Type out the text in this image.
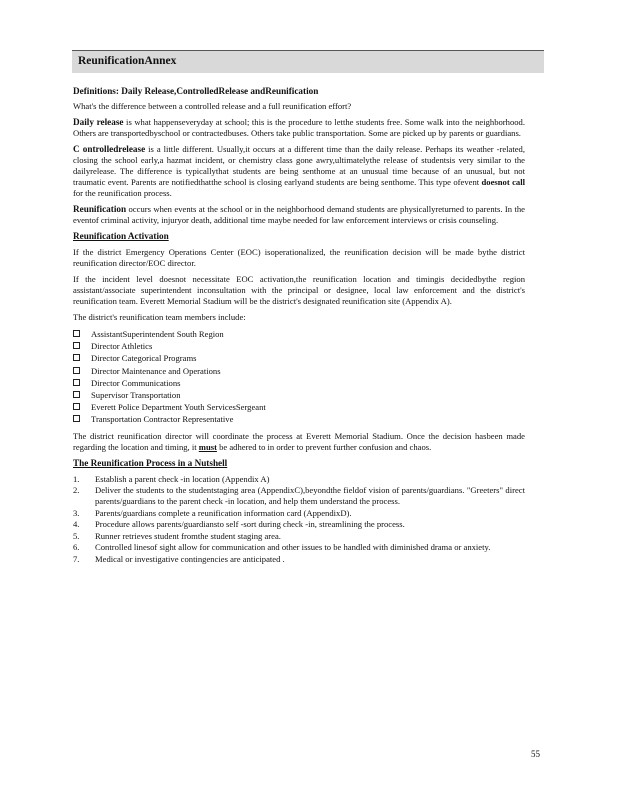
ReunificationAnnex

Definitions: Daily Release,ControlledRelease andReunification

What's the difference between a controlled release and a full reunification effort?

Daily release is what happenseveryday at school; this is the procedure to letthe students free. Some walk into the neighborhood. Others are transportedbyschool or contractedbuses. Others take public transportation. Some are picked up by parents or guardians.

C ontrolledrelease is a little different. Usually,it occurs at a different time than the daily release. Perhaps its weather -related, closing the school early,a hazmat incident, or chemistry class gone awry,ultimatelythe release of studentsis very similar to the dailyrelease. The difference is typicallythat students are being senthome at an unusual time because of an unusual, but not traumatic event. Parents are notifiedthatthe school is closing earlyand students are being senthome. This type ofevent doesnot call for the reunification process.

Reunification occurs when events at the school or in the neighborhood demand students are physicallyreturned to parents. In the eventof criminal activity, injuryor death, additional time maybe needed for law enforcement interviews or crisis counseling.

Reunification Activation

If the district Emergency Operations Center (EOC) isoperationalized, the reunification decision will be made bythe district reunification director/EOC director.

If the incident level doesnot necessitate EOC activation,the reunification location and timingis decidedbythe region assistant/associate superintendent inconsultation with the principal or designee, local law enforcement and the district's reunification team. Everett Memorial Stadium will be the district's designated reunification site (Appendix A).

The district's reunification team members include:

AssistantSuperintendent South Region
Director Athletics
Director Categorical Programs
Director Maintenance and Operations
Director Communications
Supervisor Transportation
Everett Police Department Youth ServicesSergeant
Transportation Contractor Representative

The district reunification director will coordinate the process at Everett Memorial Stadium. Once the decision hasbeen made regarding the location and timing, it must be adhered to in order to prevent further confusion and chaos.

The Reunification Process in a Nutshell

1.	Establish a parent check -in location (Appendix A)
2.	Deliver the students to the studentstaging area (AppendixC),beyondthe fieldof vision of parents/guardians. "Greeters" direct parents/guardians to the parent check -in location, and help them understand the process.
3.	Parents/guardians complete a reunification information card (AppendixD).
4.	Procedure allows parents/guardiansto self -sort during check -in, streamlining the process.
5.	Runner retrieves student fromthe student staging area.
6.	Controlled linesof sight allow for communication and other issues to be handled with diminished drama or anxiety.
7.	Medical or investigative contingencies are anticipated .
55
